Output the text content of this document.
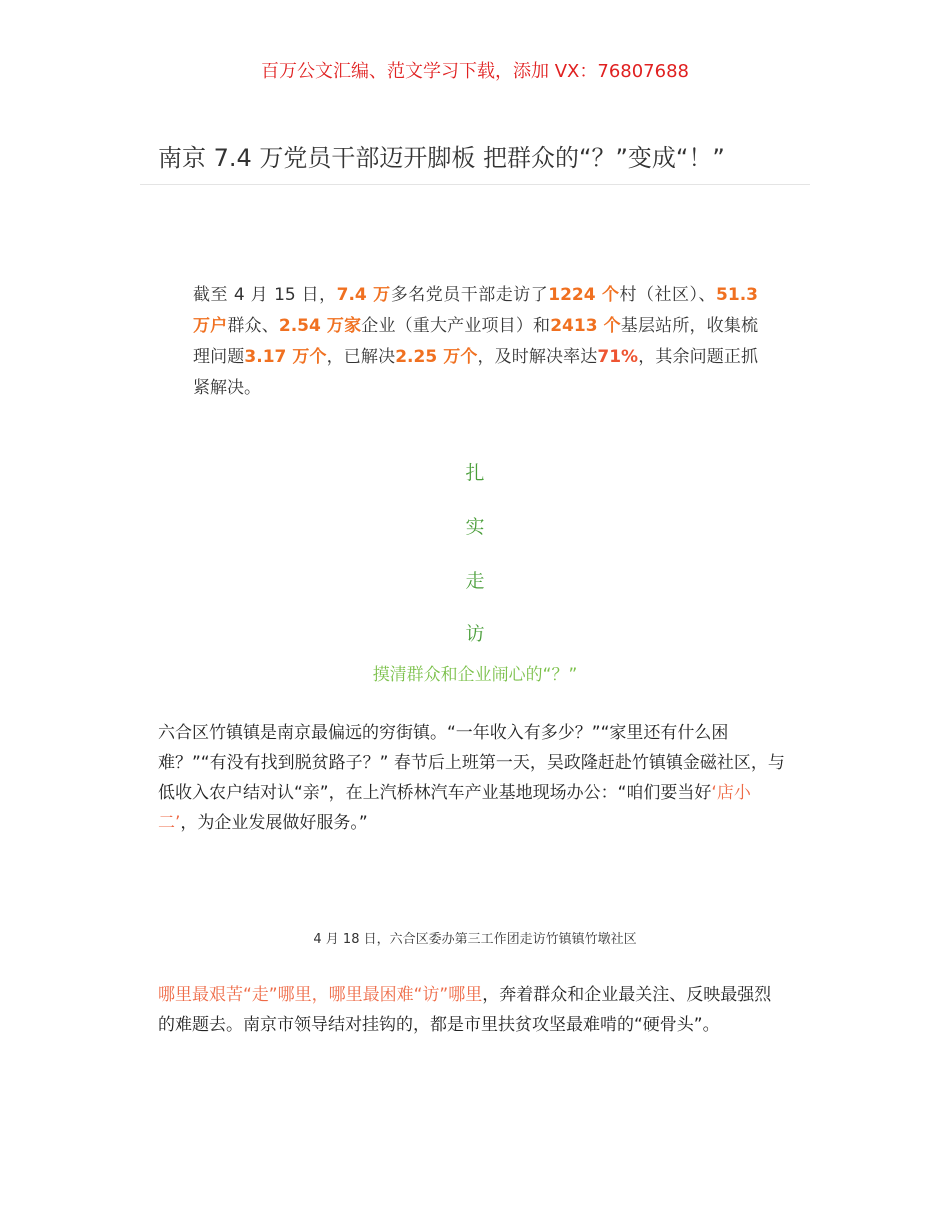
百万公文汇编、范文学习下载，添加 VX：76807688
南京 7.4 万党员干部迈开脚板 把群众的“？”变成“！”
截至 4 月 15 日，7.4 万多名党员干部走访了1224 个村（社区）、51.3 万户群众、2.54 万家企业（重大产业项目）和2413 个基层站所，收集梳理问题3.17 万个，已解决2.25 万个，及时解决率达71%，其余问题正抓紧解决。
扎
实
走
访
摸清群众和企业闹心的“？”
六合区竹镇镇是南京最偏远的穷街镇。“一年收入有多少？”“家里还有什么困难？”“有没有找到脱贫路子？” 春节后上班第一天，吴政隆赶赴竹镇镇金磁社区，与低收入农户结对认“亲”，在上汽桥林汽车产业基地现场办公：“咱们要当好‘店小二’，为企业发展做好服务。”
4 月 18 日，六合区委办第三工作团走访竹镇镇竹墩社区
哪里最艰苦“走”哪里，哪里最困难“访”哪里，奔着群众和企业最关注、反映最强烈的难题去。南京市领导结对挂钩的，都是市里扶贫攻坚最难啃的“硬骨头”。
